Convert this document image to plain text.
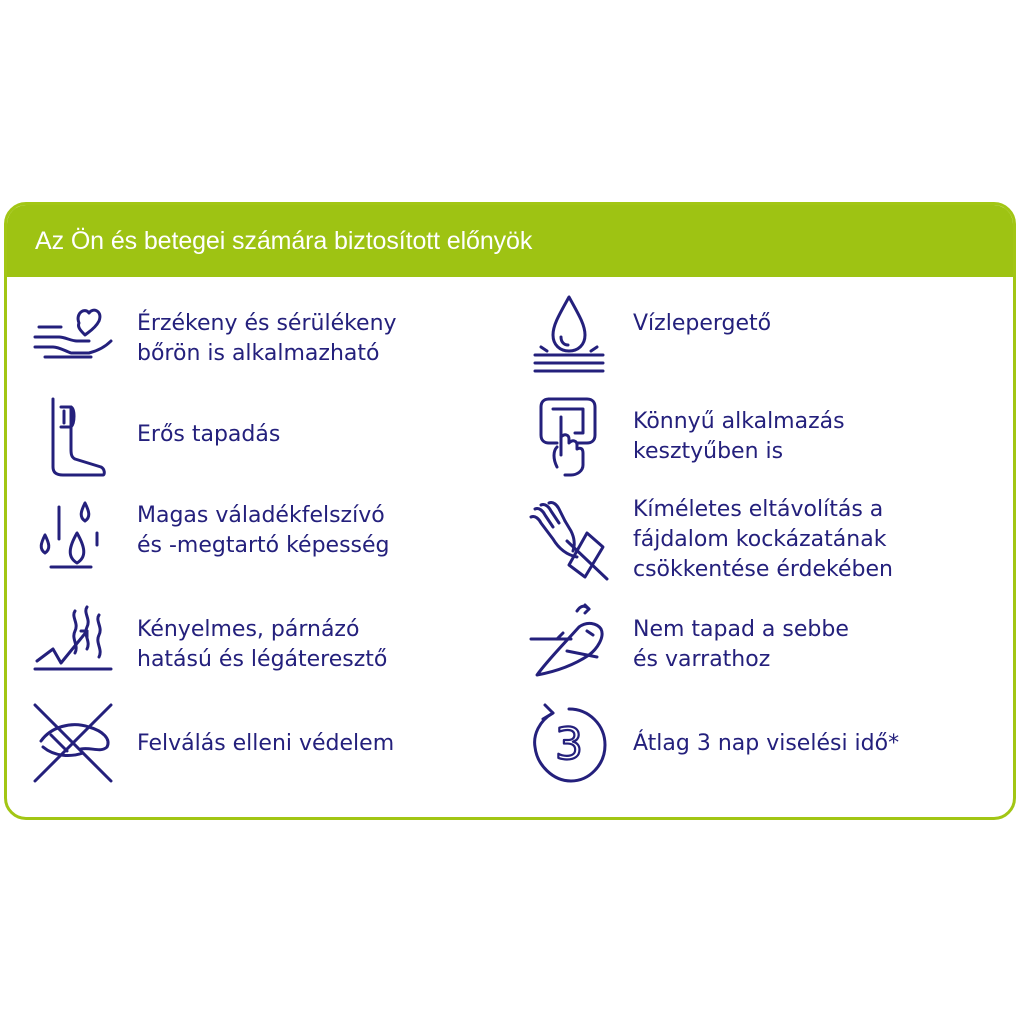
Az Ön és betegei számára biztosított előnyök
Érzékeny és sérülékeny
bőrön is alkalmazható
Erős tapadás
Magas váladékfelszívó
és -megtartó képesség
Kényelmes, párnázó
hatású és légáteresztő
Felválás elleni védelem
Vízlepergető
Könnyű alkalmazás
kesztyűben is
Kíméletes eltávolítás a
fájdalom kockázatának
csökkentése érdekében
Nem tapad a sebbe
és varrathoz
3 Átlag 3 nap viselési idő*
